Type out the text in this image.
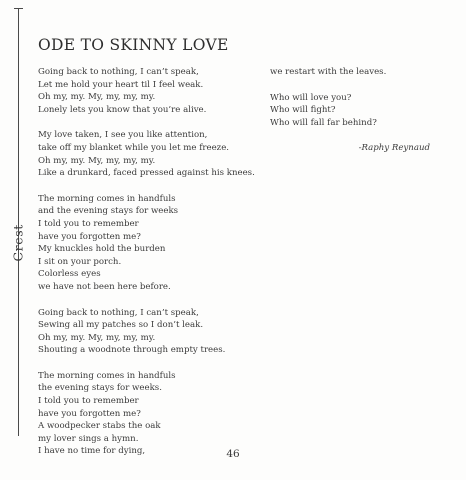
Crest
ODE TO SKINNY LOVE
Going back to nothing, I can’t speak,
Let me hold your heart til I feel weak.
Oh my, my. My, my, my, my.
Lonely lets you know that you’re alive.
My love taken, I see you like attention,
take off my blanket while you let me freeze.
Oh my, my. My, my, my, my.
Like a drunkard, faced pressed against his knees.
The morning comes in handfuls
and the evening stays for weeks
I told you to remember
have you forgotten me?
My knuckles hold the burden
I sit on your porch.
Colorless eyes
we have not been here before.
Going back to nothing, I can’t speak,
Sewing all my patches so I don’t leak.
Oh my, my. My, my, my, my.
Shouting a woodnote through empty trees.
The morning comes in handfuls
the evening stays for weeks.
I told you to remember
have you forgotten me?
A woodpecker stabs the oak
my lover sings a hymn.
I have no time for dying,
we restart with the leaves.
Who will love you?
Who will fight?
Who will fall far behind?
-Raphy Reynaud
46
